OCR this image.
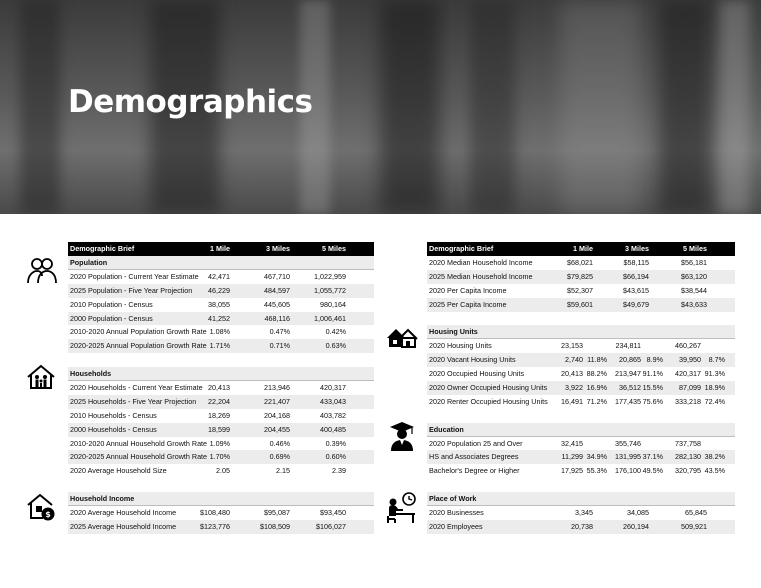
Demographics
Demographic Brief	1 Mile	3 Miles	5 Miles
Population
2020 Population - Current Year Estimate 42,471	467,710	1,022,959
2025 Population - Five Year Projection 46,229	484,597	1,055,772
2010 Population - Census	38,055	445,605	980,164
2000 Population - Census	41,252	468,116	1,006,461
2010-2020 Annual Population Growth Rate 1.08%	0.47%	0.42%
2020-2025 Annual Population Growth Rate 1.71%	0.71%	0.63%
Households
2020 Households - Current Year Estimate 20,413	213,946	420,317
2025 Households - Five Year Projection 22,204	221,407	433,043
2010 Households - Census	18,269	204,168	403,782
2000 Households - Census	18,599	204,455	400,485
2010-2020 Annual Household Growth Rate 1.09%	0.46%	0.39%
2020-2025 Annual Household Growth Rate 1.70%	0.69%	0.60%
2020 Average Household Size	2.05	2.15	2.39
Household Income
2020 Average Household Income	$108,480	$95,087	$93,450
2025 Average Household Income	$123,776	$108,509	$106,027
Demographic Brief	1 Mile	3 Miles	5 Miles
2020 Median Household Income	$68,021	$58,115	$56,181
2025 Median Household Income	$79,825	$66,194	$63,120
2020 Per Capita Income	$52,307	$43,615	$38,544
2025 Per Capita Income	$59,601	$49,679	$43,633
Housing Units
2020 Housing Units	23,153	234,811	460,267
2020 Vacant Housing Units	2,740 11.8% 20,865 8.9% 39,950 8.7%
2020 Occupied Housing Units	20,413 88.2% 213,947 91.1% 420,317 91.3%
2020 Owner Occupied Housing Units 3,922 16.9% 36,512 15.5% 87,099 18.9%
2020 Renter Occupied Housing Units 16,491 71.2% 177,435 75.6% 333,218 72.4%
Education
2020 Population 25 and Over	32,415	355,746	737,758
HS and Associates Degrees	11,299 34.9% 131,995 37.1% 282,130 38.2%
Bachelor's Degree or Higher	17,925 55.3% 176,100 49.5% 320,795 43.5%
Place of Work
2020 Businesses	3,345	34,085	65,845
2020 Employees	20,738	260,194	509,921
$
